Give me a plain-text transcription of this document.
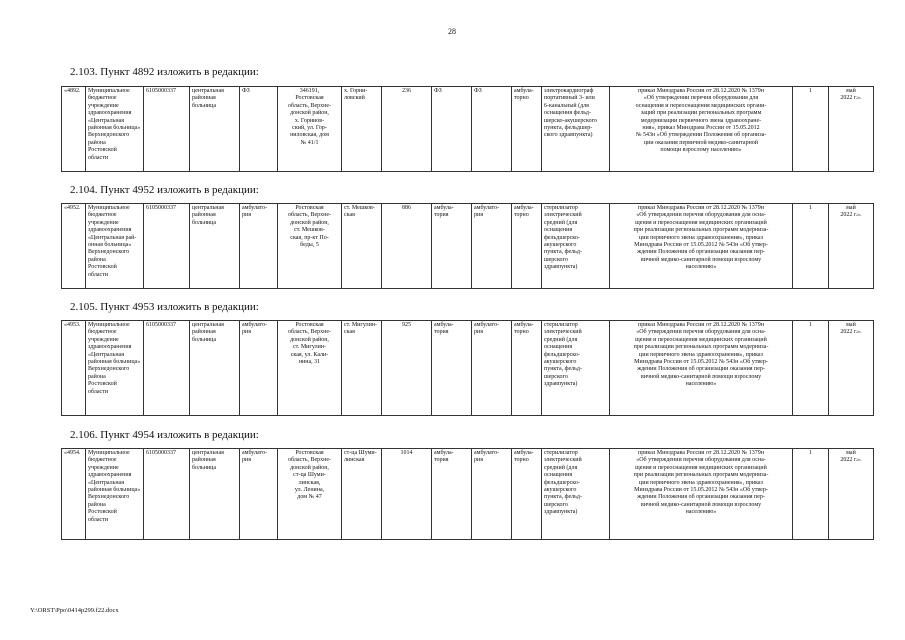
28
2.103. Пункт 4892 изложить в редакции:
«4892.	Муниципальное
бюджетное
учреждение
здравоохранения
«Центральная
районная больница»
Верхнедонского
района
Ростовской
области	6105000337	центральная
районная
больница	ФЗ	346191,
Ростовская
область, Верхне-
донской район,
х. Горниов-
ский, ул. Гор-
ниловская, дом
№ 41/1	х. Горни-
ловский	236	ФЗ	ФЗ	амбула-
торно	электрокардиограф
портативный 3- или
6-канальный (для
оснащения фельд-
шерско-акушерского
пункта, фельдшер-
ского здравпункта)	приказ Минздрава России от 28.12.2020 № 1379н
«Об утверждении перечня оборудования для
оснащения и переоснащения медицинских органи-
заций при реализации региональных программ
модернизации первичного звена здравоохране-
ния», приказ Минздрава России от 15.05.2012
№ 543н «Об утверждении Положения об организа-
ции оказания первичной медико-санитарной
помощи взрослому населению»	1	май
2022 г.».
2.104. Пункт 4952 изложить в редакции:
«4952.	Муниципальное
бюджетное
учреждение
здравоохранения
«Центральная рай-
онная больница»
Верхнедонского
района
Ростовской
области	6105000337	центральная
районная
больница	амбулато-
рия	Ростовская
область, Верхне-
донской район,
ст. Мешков-
ская, пр-кт По-
беды, 5	ст. Мешков-
ская	886	амбула-
тория	амбулато-
рия	амбула-
торно	стерилизатор
электрический
средний (для
оснащения
фельдшерско-
акушерского
пункта, фельд-
шерского
здравпункта)	приказ Минздрава России от 28.12.2020 № 1379н
«Об утверждении перечня оборудования для осна-
щения и переоснащения медицинских организаций
при реализации региональных программ модерниза-
ции первичного звена здравоохранения», приказ
Минздрава России от 15.05.2012 № 543н «Об утвер-
ждении Положения об организации оказания пер-
вичной медико-санитарной помощи взрослому
населению»	1	май
2022 г.».
2.105. Пункт 4953 изложить в редакции:
«4953.	Муниципальное
бюджетное
учреждение
здравоохранения
«Центральная
районная больница»
Верхнедонского
района
Ростовской
области	6105000337	центральная
районная
больница	амбулато-
рия	Ростовская
область, Верхне-
донской район,
ст. Мигулин-
ская, ул. Кали-
нина, 31	ст. Мигулин-
ская	925	амбула-
тория	амбулато-
рия	амбула-
торно	стерилизатор
электрический
средний (для
оснащения
фельдшерско-
акушерского
пункта, фельд-
шерского
здравпункта)	приказ Минздрава России от 28.12.2020 № 1379н
«Об утверждении перечня оборудования для осна-
щения и переоснащения медицинских организаций
при реализации региональных программ модерниза-
ции первичного звена здравоохранения», приказ
Минздрава России от 15.05.2012 № 543н «Об утвер-
ждении Положения об организации оказания пер-
вичной медико-санитарной помощи взрослому
населению»	1	май
2022 г.».
2.106. Пункт 4954 изложить в редакции:
«4954.	Муниципальное
бюджетное
учреждение
здравоохранения
«Центральная
районная больница»
Верхнедонского
района
Ростовской
области	6105000337	центральная
районная
больница	амбулато-
рия	Ростовская
область, Верхне-
донской район,
ст-ца Шуми-
линская,
ул. Ленина,
дом № 47	ст-ца Шуми-
линская	1014	амбула-
тория	амбулато-
рия	амбула-
торно	стерилизатор
электрический
средний (для
оснащения
фельдшерско-
акушерского
пункта, фельд-
шерского
здравпункта)	приказ Минздрава России от 28.12.2020 № 1379н
«Об утверждении перечня оборудования для осна-
щения и переоснащения медицинских организаций
при реализации региональных программ модерниза-
ции первичного звена здравоохранения», приказ
Минздрава России от 15.05.2012 № 543н «Об утвер-
ждении Положения об организации оказания пер-
вичной медико-санитарной помощи взрослому
населению»	1	май
2022 г.».
Y:\ORST\Ppo\0414p299.f22.docx
